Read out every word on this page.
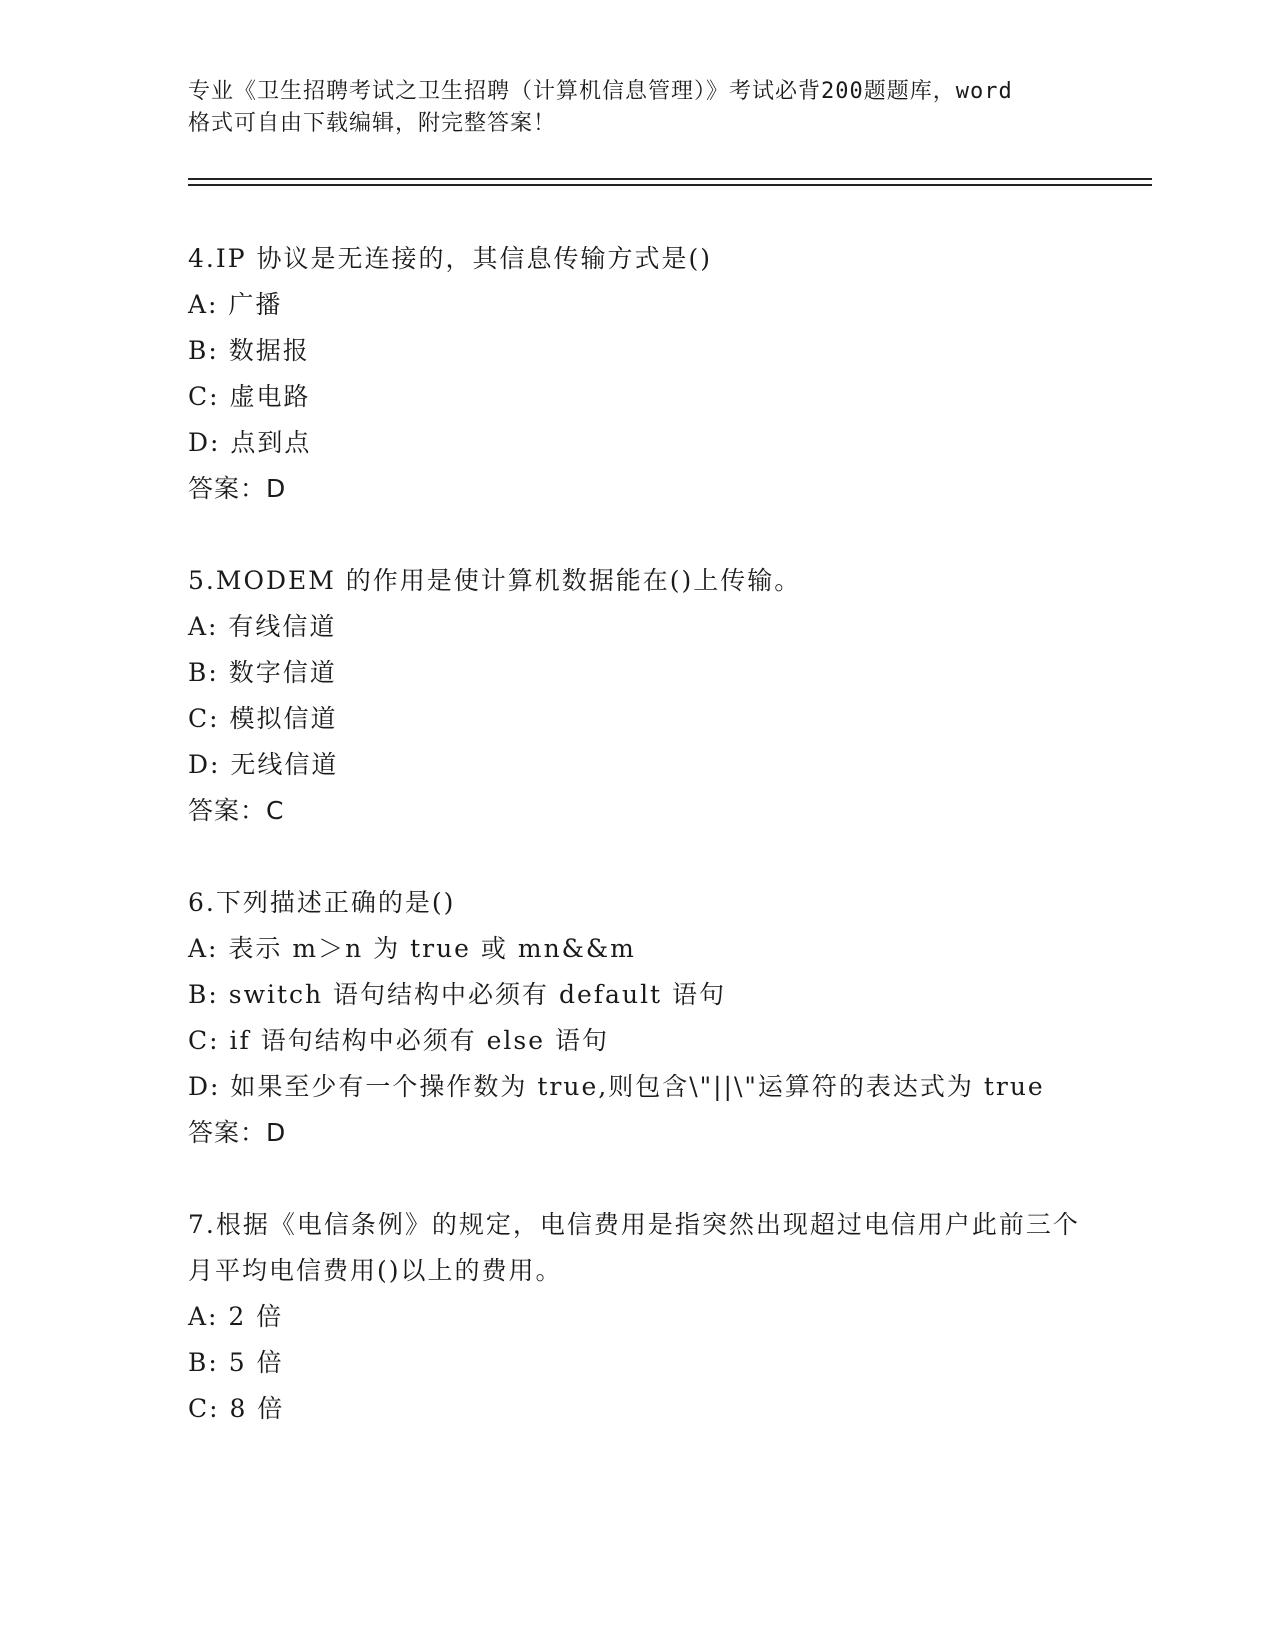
专业《卫生招聘考试之卫生招聘（计算机信息管理）》考试必背200题题库，word
格式可自由下载编辑，附完整答案！
4.IP 协议是无连接的，其信息传输方式是()
A: 广播
B: 数据报
C: 虚电路
D: 点到点
答案：D
5.MODEM 的作用是使计算机数据能在()上传输。
A: 有线信道
B: 数字信道
C: 模拟信道
D: 无线信道
答案：C
6.下列描述正确的是()
A: 表示 m＞n 为 true 或 mn&&m
B: switch 语句结构中必须有 default 语句
C: if 语句结构中必须有 else 语句
D: 如果至少有一个操作数为 true,则包含\"||\"运算符的表达式为 true
答案：D
7.根据《电信条例》的规定，电信费用是指突然出现超过电信用户此前三个月平均电信费用()以上的费用。
A: 2 倍
B: 5 倍
C: 8 倍
